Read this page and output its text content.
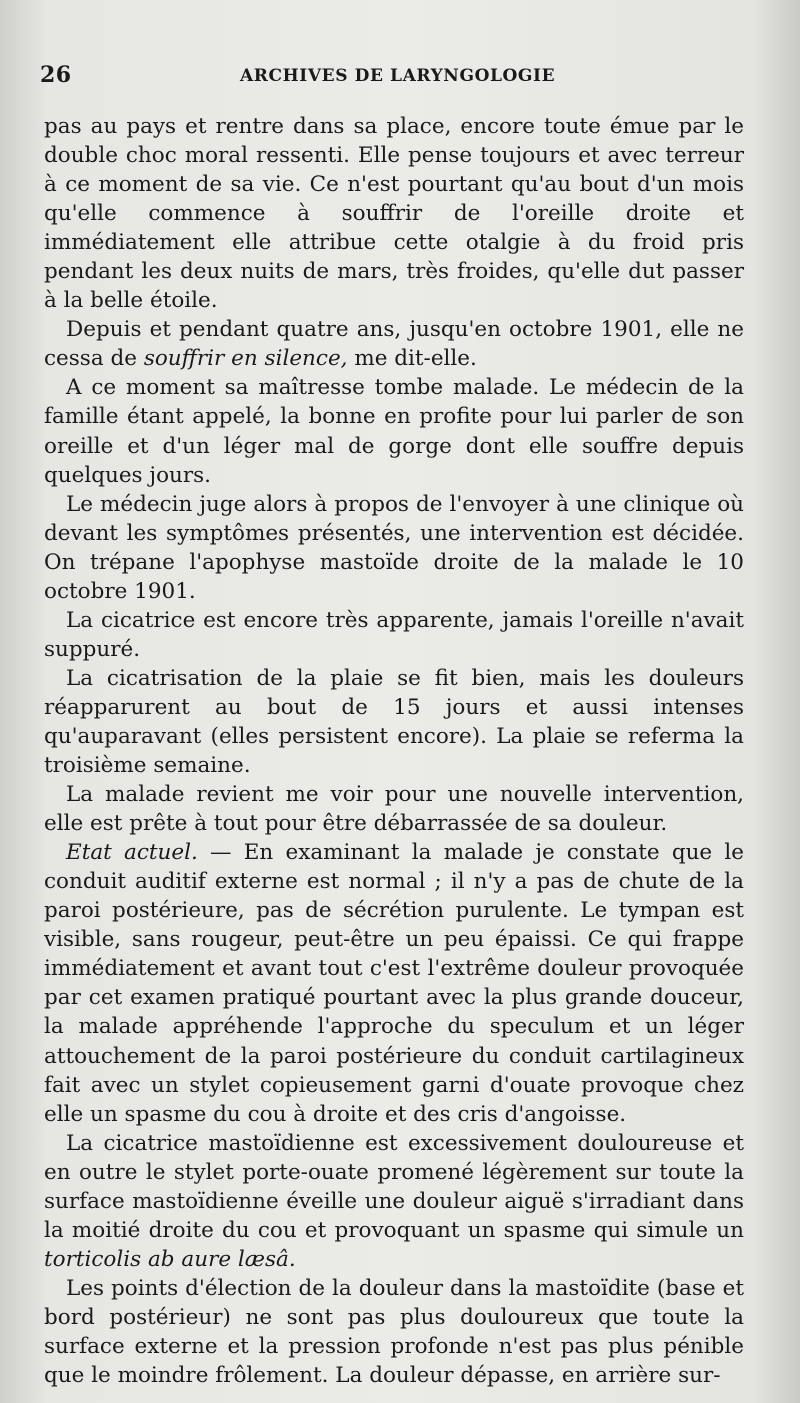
26	ARCHIVES DE LARYNGOLOGIE

pas au pays et rentre dans sa place, encore toute émue par le double choc moral ressenti. Elle pense toujours et avec terreur à ce moment de sa vie. Ce n'est pourtant qu'au bout d'un mois qu'elle commence à souffrir de l'oreille droite et immédiatement elle attribue cette otalgie à du froid pris pendant les deux nuits de mars, très froides, qu'elle dut passer à la belle étoile.

Depuis et pendant quatre ans, jusqu'en octobre 1901, elle ne cessa de souffrir en silence, me dit-elle.

A ce moment sa maîtresse tombe malade. Le médecin de la famille étant appelé, la bonne en profite pour lui parler de son oreille et d'un léger mal de gorge dont elle souffre depuis quelques jours.

Le médecin juge alors à propos de l'envoyer à une clinique où devant les symptômes présentés, une intervention est décidée. On trépane l'apophyse mastoïde droite de la malade le 10 octobre 1901.

La cicatrice est encore très apparente, jamais l'oreille n'avait suppuré.

La cicatrisation de la plaie se fit bien, mais les douleurs réapparurent au bout de 15 jours et aussi intenses qu'auparavant (elles persistent encore). La plaie se referma la troisième semaine.

La malade revient me voir pour une nouvelle intervention, elle est prête à tout pour être débarrassée de sa douleur.

Etat actuel. — En examinant la malade je constate que le conduit auditif externe est normal ; il n'y a pas de chute de la paroi postérieure, pas de sécrétion purulente. Le tympan est visible, sans rougeur, peut-être un peu épaissi. Ce qui frappe immédiatement et avant tout c'est l'extrême douleur provoquée par cet examen pratiqué pourtant avec la plus grande douceur, la malade appréhende l'approche du speculum et un léger attouchement de la paroi postérieure du conduit cartilagineux fait avec un stylet copieusement garni d'ouate provoque chez elle un spasme du cou à droite et des cris d'angoisse.

La cicatrice mastoïdienne est excessivement douloureuse et en outre le stylet porte-ouate promené légèrement sur toute la surface mastoïdienne éveille une douleur aiguë s'irradiant dans la moitié droite du cou et provoquant un spasme qui simule un torticolis ab aure læsâ.

Les points d'élection de la douleur dans la mastoïdite (base et bord postérieur) ne sont pas plus douloureux que toute la surface externe et la pression profonde n'est pas plus pénible que le moindre frôlement. La douleur dépasse, en arrière sur-
